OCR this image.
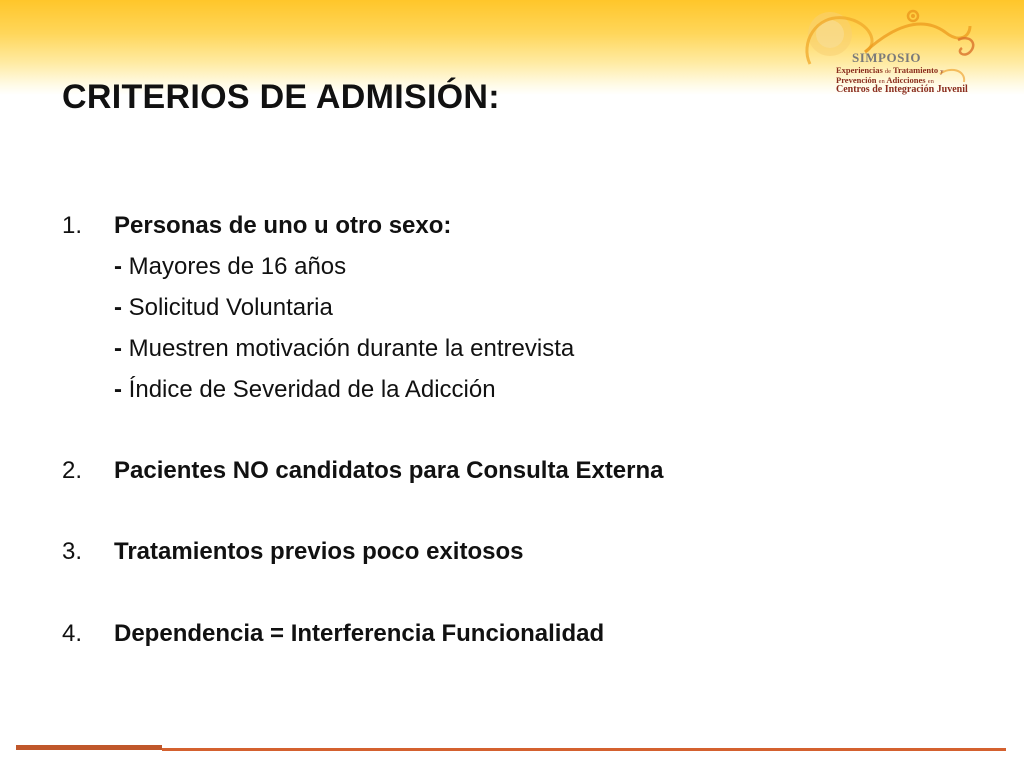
SIMPOSIO
Experiencias de Tratamiento y
Prevención en Adicciones en
Centros de Integración Juvenil
CRITERIOS DE ADMISIÓN:
1. Personas de uno u otro sexo:
- Mayores de 16 años
- Solicitud Voluntaria
- Muestren motivación durante la entrevista
- Índice de Severidad de la Adicción
2. Pacientes NO candidatos para Consulta Externa
3. Tratamientos previos poco exitosos
4. Dependencia = Interferencia Funcionalidad
